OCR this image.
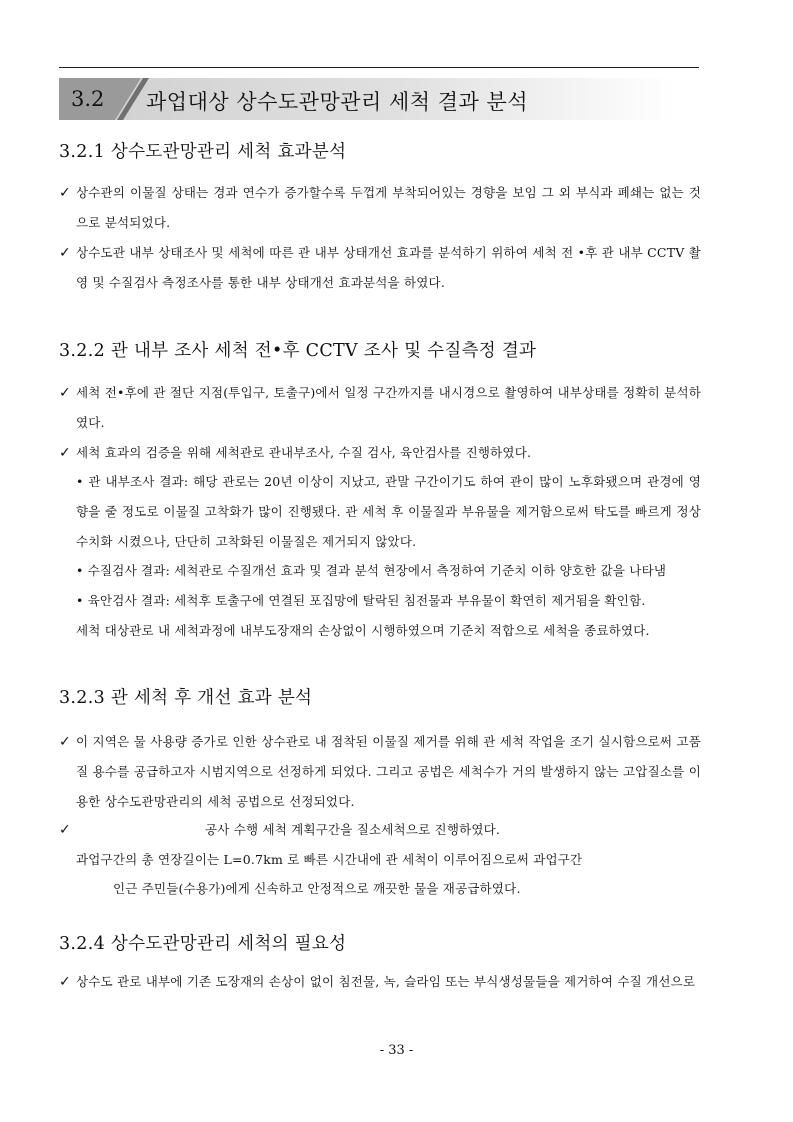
3.2 과업대상 상수도관망관리 세척 결과 분석
3.2.1 상수도관망관리 세척 효과분석
✓ 상수관의 이물질 상태는 경과 연수가 증가할수록 두껍게 부착되어있는 경향을 보임 그 외 부식과 폐쇄는 없는 것으로 분석되었다.
✓ 상수도관 내부 상태조사 및 세척에 따른 관 내부 상태개선 효과를 분석하기 위하여 세척 전 •후 관 내부 CCTV 촬영 및 수질검사 측정조사를 통한 내부 상태개선 효과분석을 하였다.
3.2.2 관 내부 조사 세척 전•후 CCTV 조사 및 수질측정 결과
✓ 세척 전•후에 관 절단 지점(투입구, 토출구)에서 일정 구간까지를 내시경으로 촬영하여 내부상태를 정확히 분석하였다.
✓ 세척 효과의 검증을 위해 세척관로 관내부조사, 수질 검사, 육안검사를 진행하였다.
• 관 내부조사 결과: 해당 관로는 20년 이상이 지났고, 관말 구간이기도 하여 관이 많이 노후화됐으며 관경에 영향을 줄 정도로 이물질 고착화가 많이 진행됐다. 관 세척 후 이물질과 부유물을 제거함으로써 탁도를 빠르게 정상수치화 시켰으나, 단단히 고착화된 이물질은 제거되지 않았다.

• 수질검사 결과: 세척관로 수질개선 효과 및 결과 분석 현장에서 측정하여 기준치 이하 양호한 값을 나타냄

• 육안검사 결과: 세척후 토출구에 연결된 포집망에 탈락된 침전물과 부유물이 확연히 제거됨을 확인함.

세척 대상관로 내 세척과정에 내부도장재의 손상없이 시행하였으며 기준치 적합으로 세척을 종료하였다.

3.2.3 관 세척 후 개선 효과 분석
✓ 이 지역은 물 사용량 증가로 인한 상수관로 내 점착된 이물질 제거를 위해 관 세척 작업을 조기 실시함으로써 고품질 용수를 공급하고자 시범지역으로 선정하게 되었다. 그리고 공법은 세척수가 거의 발생하지 않는 고압질소를 이용한 상수도관망관리의 세척 공법으로 선정되었다.
✓	공사 수행 세척 계획구간을 질소세척으로 진행하였다.

과업구간의 총 연장길이는 L=0.7km 로 빠른 시간내에 관 세척이 이루어짐으로써 과업구간

인근 주민들(수용가)에게 신속하고 안정적으로 깨끗한 물을 재공급하였다.

3.2.4 상수도관망관리 세척의 필요성
✓ 상수도 관로 내부에 기존 도장재의 손상이 없이 침전물, 녹, 슬라임 또는 부식생성물들을 제거하여 수질 개선으로
- 33 -
